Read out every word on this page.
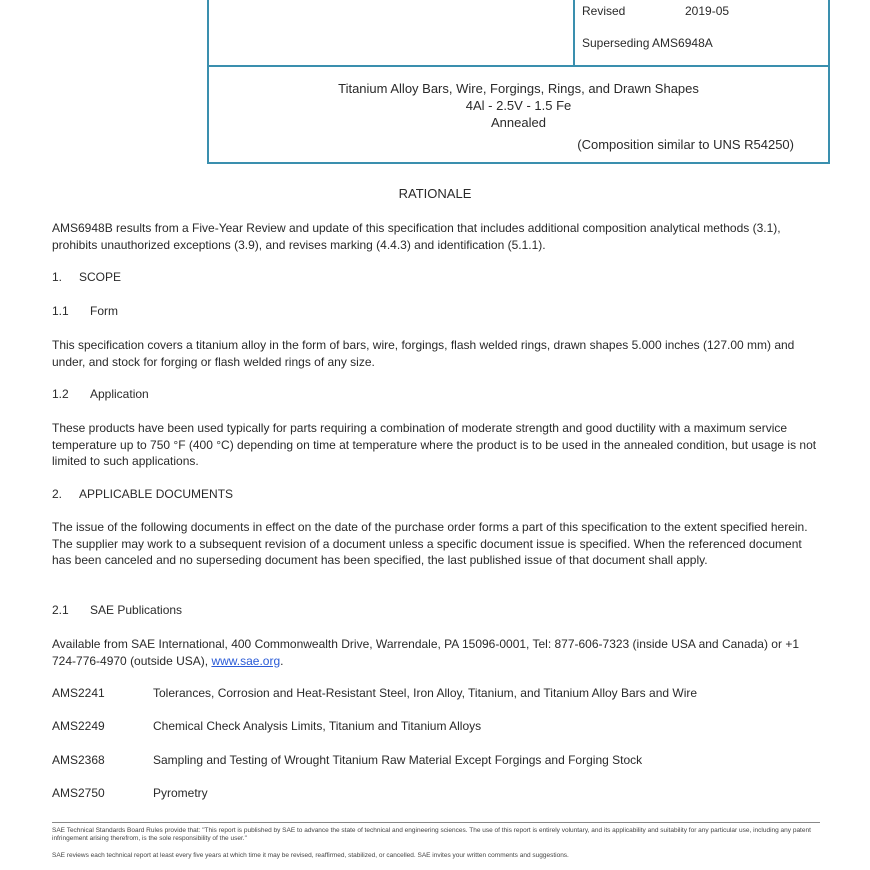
Revised	2019-05
Superseding AMS6948A
Titanium Alloy Bars, Wire, Forgings, Rings, and Drawn Shapes
4Al - 2.5V - 1.5 Fe
Annealed
(Composition similar to UNS R54250)
RATIONALE

AMS6948B results from a Five-Year Review and update of this specification that includes additional composition analytical methods (3.1), prohibits unauthorized exceptions (3.9), and revises marking (4.4.3) and identification (5.1.1).

1. SCOPE
1.1 Form

This specification covers a titanium alloy in the form of bars, wire, forgings, flash welded rings, drawn shapes 5.000 inches (127.00 mm) and under, and stock for forging or flash welded rings of any size.

1.2 Application

These products have been used typically for parts requiring a combination of moderate strength and good ductility with a maximum service temperature up to 750 °F (400 °C) depending on time at temperature where the product is to be used in the annealed condition, but usage is not limited to such applications.

2. APPLICABLE DOCUMENTS

The issue of the following documents in effect on the date of the purchase order forms a part of this specification to the extent specified herein. The supplier may work to a subsequent revision of a document unless a specific document issue is specified. When the referenced document has been canceled and no superseding document has been specified, the last published issue of that document shall apply.

2.1 SAE Publications

Available from SAE International, 400 Commonwealth Drive, Warrendale, PA 15096-0001, Tel: 877-606-7323 (inside USA and Canada) or +1 724-776-4970 (outside USA), www.sae.org.

AMS2241	Tolerances, Corrosion and Heat-Resistant Steel, Iron Alloy, Titanium, and Titanium Alloy Bars and Wire
AMS2249	Chemical Check Analysis Limits, Titanium and Titanium Alloys
AMS2368	Sampling and Testing of Wrought Titanium Raw Material Except Forgings and Forging Stock
AMS2750	Pyrometry

SAE Technical Standards Board Rules provide that: "This report is published by SAE to advance the state of technical and engineering sciences. The use of this report is entirely voluntary, and its applicability and suitability for any particular use, including any patent infringement arising therefrom, is the sole responsibility of the user."

SAE reviews each technical report at least every five years at which time it may be revised, reaffirmed, stabilized, or cancelled. SAE invites your written comments and suggestions.
